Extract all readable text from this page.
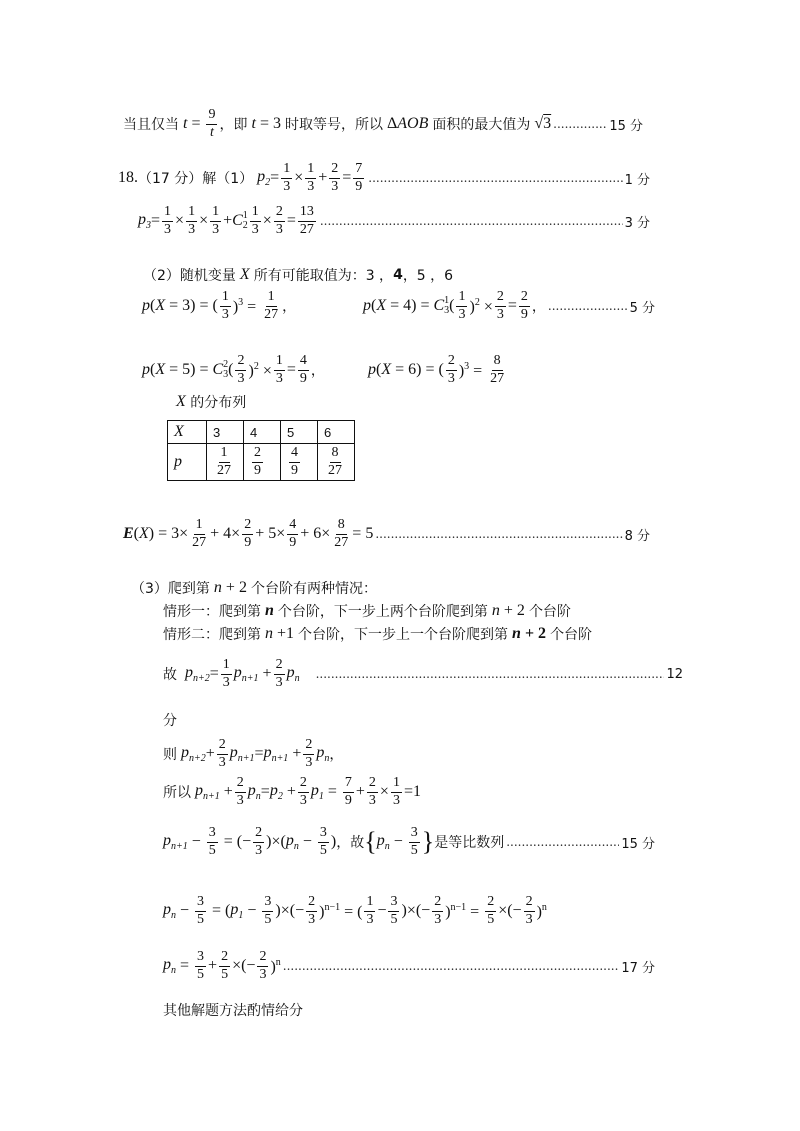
当且仅当 $t = \frac{9}{t}$ ，即 t = 3 时取等号，所以 Δ AOB 面积的最大值为 √3 .....	15 分
18. （17 分）解（1） $p_2 = \frac{1}{3} \times \frac{1}{3} + \frac{2}{3} = \frac{7}{9}$ .....	1 分
$p_3 = \frac{1}{3} \times \frac{1}{3} \times \frac{1}{3} + C$ 1
$2 \frac{1}{3} \times \frac{2}{3} = \frac{13}{27}$ .....	3 分
（2）随机变量 X 所有可能取值为：3 ， 4 ，5 ，6
p ( X = 3) = ( $\frac{1}{3} )^3 = \frac{1}{27}$ ，	p ( X = 4) = C 1
3 ( $\frac{1}{3} )^2 \times \frac{2}{3} = \frac{2}{9}$ ， .....	5 分
p ( X = 5) = C 2
3 ( $\frac{2}{3} )^2 \times \frac{1}{3} = \frac{4}{9}$ ，	p ( X = 6) = ( $\frac{2}{3} )^3 = \frac{8}{27}$
X
的分布列
X	3	4	5	6
p	$\frac{1}{27}$	$\frac{2}{9}$	$\frac{4}{9}$	$\frac{8}{27}$
E ( X ) = $3\times \frac{1}{27} + 4\times \frac{2}{9} + 5\times \frac{4}{9} + 6\times \frac{8}{27} = 5$ .....	8 分
（3）爬到第 n + 2 个台阶有两种情况：
情形一：爬到第 n 个台阶，下一步上两个台阶爬到第 n + 2 个台阶
情形二：爬到第 n +1 个台阶，下一步上一个台阶爬到第 n + 2 个台阶
故 $p_{n+2} = \frac{1}{3} p_{n+1} + \frac{2}{3} p_n$ .....	12
分
则 $p_{n+2} + \frac{2}{3} p_{n+1} = p_{n+1} + \frac{2}{3} p_n$ ，
所以 $p_{n+1} + \frac{2}{3} p_n = p_2 + \frac{2}{3} p_1 = \frac{7}{9} + \frac{2}{3} \times \frac{1}{3} =1$
$p_{n+1} - \frac{3}{5}$ = (− $\frac{2}{3}$ )×( $p_n - \frac{3}{5}$ ) ，故 { $p_n - \frac{3}{5}$ } 是等比数列 .....	15 分
$p_n - \frac{3}{5}$ = ( $p_1 - \frac{3}{5}$ )×(− $\frac{2}{3} )^{n-1}$ = ( $\frac{1}{3} - \frac{3}{5}$ )×(− $\frac{2}{3} )^{n-1} = \frac{2}{5}$ ×(− $\frac{2}{3} )^n$
$p_n = \frac{3}{5} + \frac{2}{5}$ ×(− $\frac{2}{3} )^n$ .....	17 分
其他解题方法酌情给分
